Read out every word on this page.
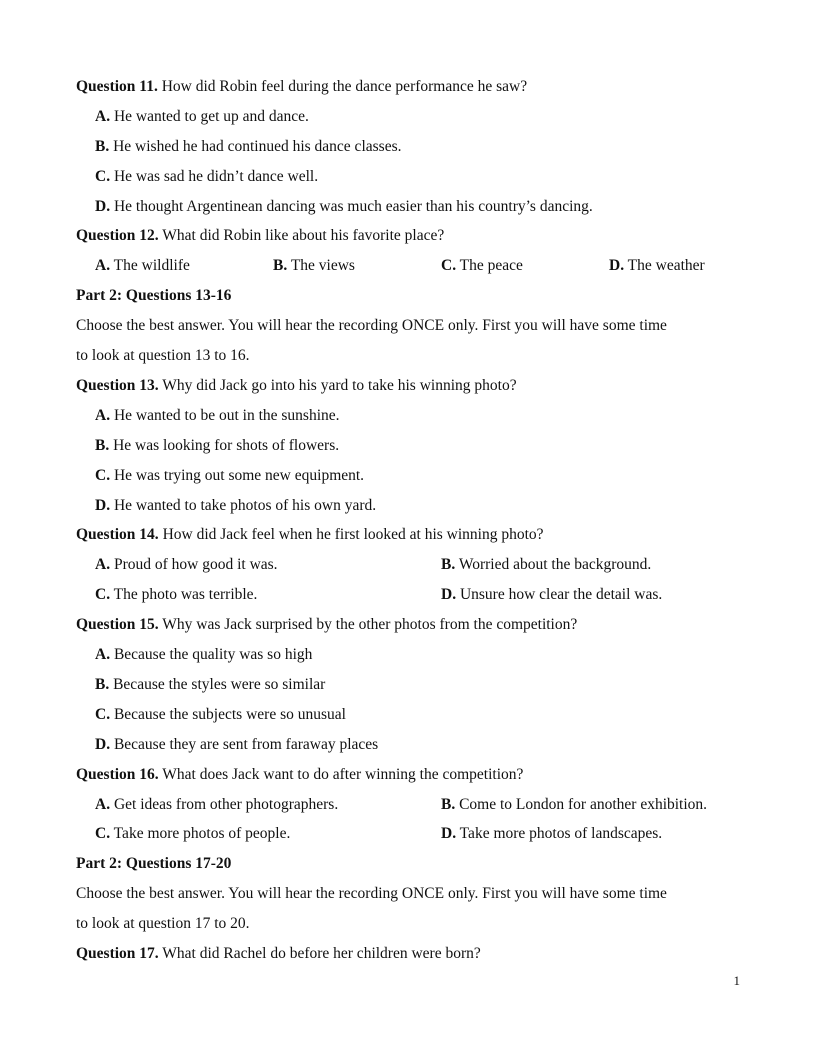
Question 11. How did Robin feel during the dance performance he saw?
A. He wanted to get up and dance.
B. He wished he had continued his dance classes.
C. He was sad he didn’t dance well.
D. He thought Argentinean dancing was much easier than his country’s dancing.
Question 12. What did Robin like about his favorite place?
A. The wildlife	B. The views	C. The peace	D. The weather
Part 2: Questions 13-16
Choose the best answer. You will hear the recording ONCE only. First you will have some time
to look at question 13 to 16.
Question 13. Why did Jack go into his yard to take his winning photo?
A. He wanted to be out in the sunshine.
B. He was looking for shots of flowers.
C. He was trying out some new equipment.
D. He wanted to take photos of his own yard.
Question 14. How did Jack feel when he first looked at his winning photo?
A. Proud of how good it was.	B. Worried about the background.
C. The photo was terrible.	D. Unsure how clear the detail was.
Question 15. Why was Jack surprised by the other photos from the competition?
A. Because the quality was so high
B. Because the styles were so similar
C. Because the subjects were so unusual
D. Because they are sent from faraway places
Question 16. What does Jack want to do after winning the competition?
A. Get ideas from other photographers.	B. Come to London for another exhibition.
C. Take more photos of people.	D. Take more photos of landscapes.
Part 2: Questions 17-20
Choose the best answer. You will hear the recording ONCE only. First you will have some time
to look at question 17 to 20.
Question 17. What did Rachel do before her children were born?
1
